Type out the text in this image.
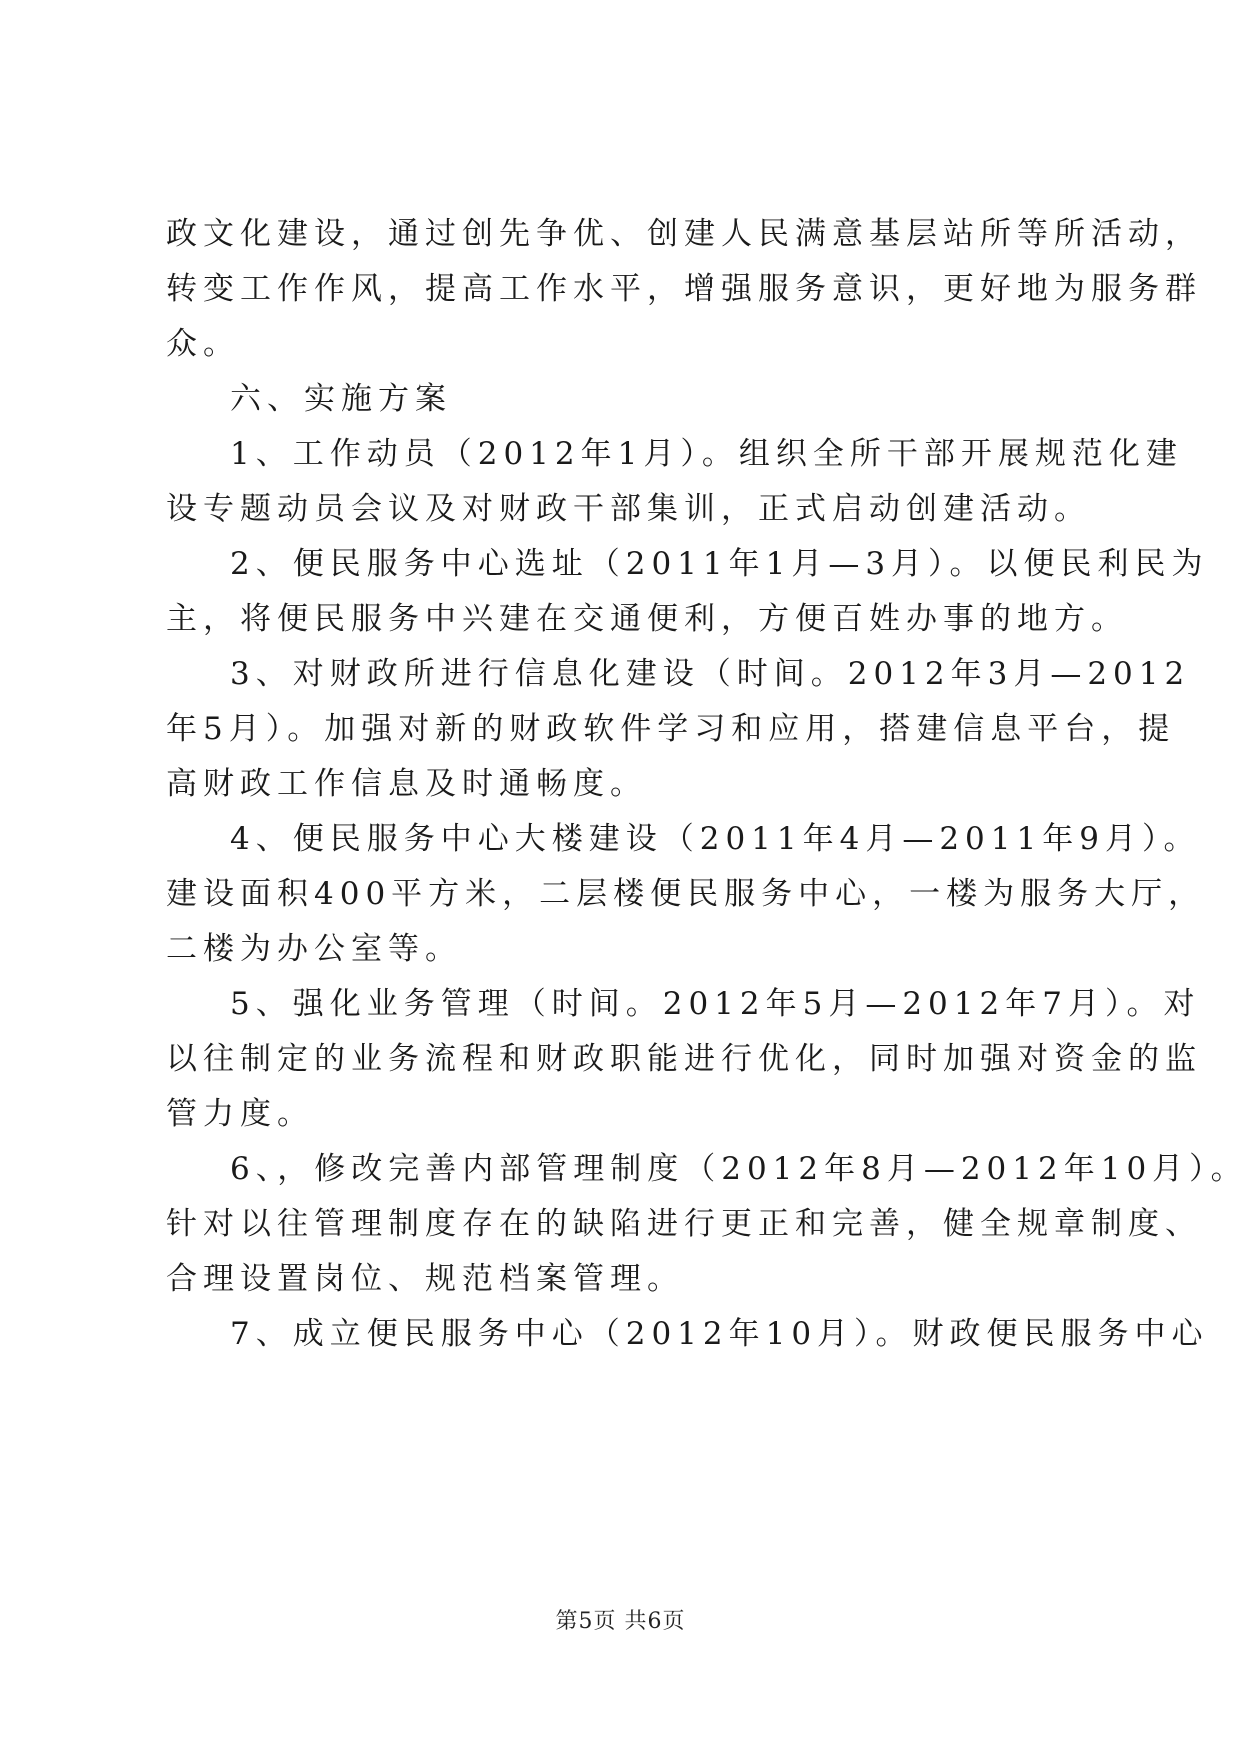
政文化建设，通过创先争优、创建人民满意基层站所等所活动，
转变工作作风，提高工作水平，增强服务意识，更好地为服务群
众。
六、实施方案
1、工作动员（2012年1月）。组织全所干部开展规范化建
设专题动员会议及对财政干部集训，正式启动创建活动。
2、便民服务中心选址（2011年1月—3月）。以便民利民为
主，将便民服务中兴建在交通便利，方便百姓办事的地方。
3、对财政所进行信息化建设（时间。2012年3月—2012
年5月）。加强对新的财政软件学习和应用，搭建信息平台，提
高财政工作信息及时通畅度。
4、便民服务中心大楼建设（2011年4月—2011年9月）。
建设面积400平方米，二层楼便民服务中心，一楼为服务大厅，
二楼为办公室等。
5、强化业务管理（时间。2012年5月—2012年7月）。对
以往制定的业务流程和财政职能进行优化，同时加强对资金的监
管力度。
6、，修改完善内部管理制度（2012年8月—2012年10月）。
针对以往管理制度存在的缺陷进行更正和完善，健全规章制度、
合理设置岗位、规范档案管理。
7、成立便民服务中心（2012年10月）。财政便民服务中心
第5页 共6页
